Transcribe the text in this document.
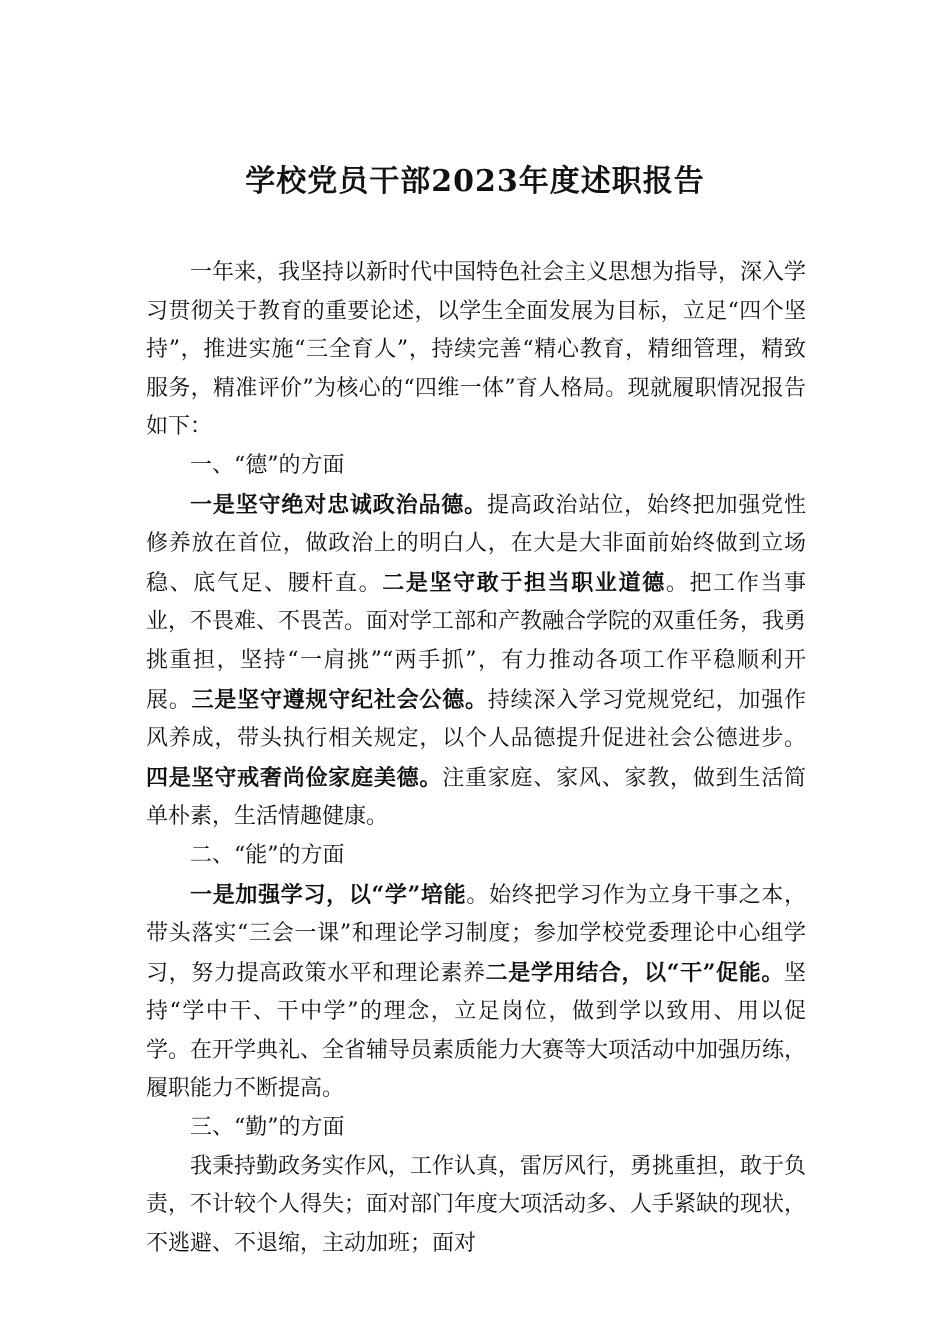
学校党员干部2023年度述职报告

一年来，我坚持以新时代中国特色社会主义思想为指导，深入学习贯彻关于教育的重要论述，以学生全面发展为目标，立足“四个坚持”，推进实施“三全育人”，持续完善“精心教育，精细管理，精致服务，精准评价”为核心的“四维一体”育人格局。现就履职情况报告如下：

一、“德”的方面

一是坚守绝对忠诚政治品德。提高政治站位，始终把加强党性修养放在首位，做政治上的明白人，在大是大非面前始终做到立场稳、底气足、腰杆直。二是坚守敢于担当职业道德。把工作当事业，不畏难、不畏苦。面对学工部和产教融合学院的双重任务，我勇挑重担，坚持“一肩挑”“两手抓”，有力推动各项工作平稳顺利开展。三是坚守遵规守纪社会公德。持续深入学习党规党纪，加强作风养成，带头执行相关规定，以个人品德提升促进社会公德进步。四是坚守戒奢尚俭家庭美德。注重家庭、家风、家教，做到生活简单朴素，生活情趣健康。

二、“能”的方面

一是加强学习，以“学”培能。始终把学习作为立身干事之本，带头落实“三会一课”和理论学习制度；参加学校党委理论中心组学习，努力提高政策水平和理论素养二是学用结合，以“干”促能。坚持“学中干、干中学”的理念，立足岗位，做到学以致用、用以促学。在开学典礼、全省辅导员素质能力大赛等大项活动中加强历练，履职能力不断提高。

三、“勤”的方面

我秉持勤政务实作风，工作认真，雷厉风行，勇挑重担，敢于负责，不计较个人得失；面对部门年度大项活动多、人手紧缺的现状，不逃避、不退缩，主动加班；面对
